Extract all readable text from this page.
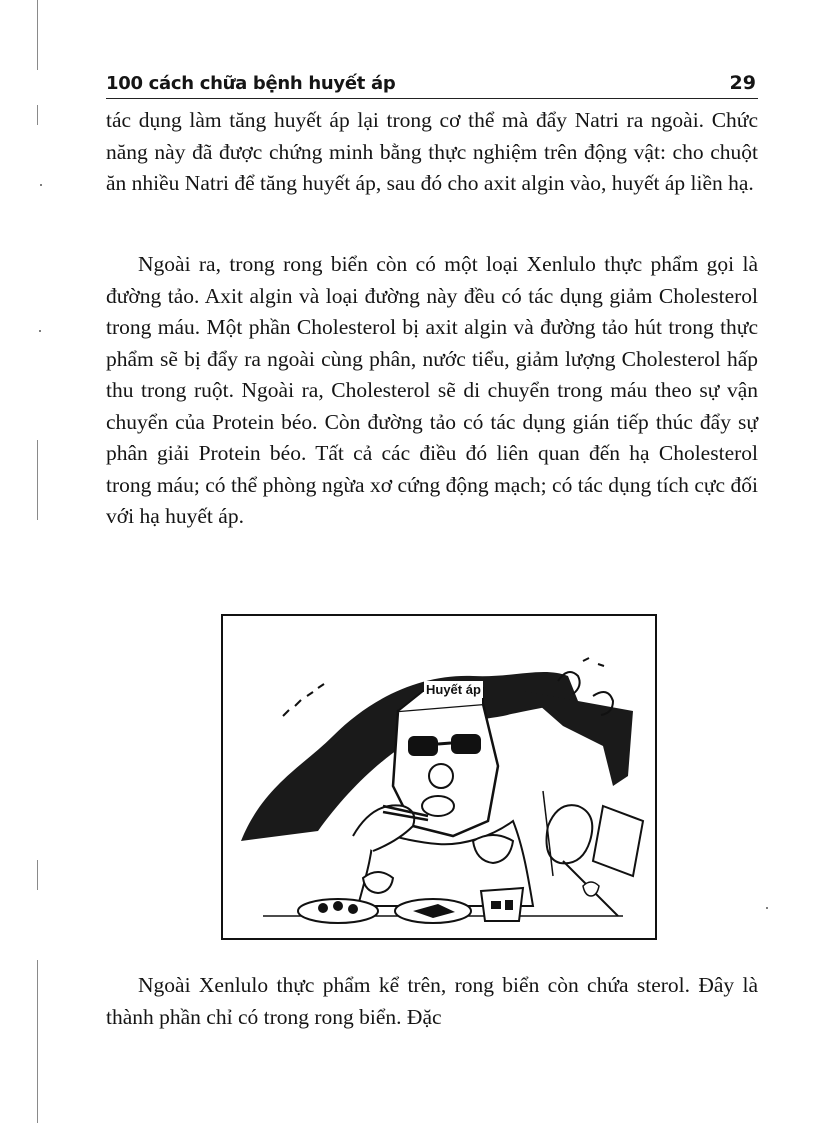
100 cách chữa bệnh huyết áp	29

tác dụng làm tăng huyết áp lại trong cơ thể mà đẩy Natri ra ngoài. Chức năng này đã được chứng minh bằng thực nghiệm trên động vật: cho chuột ăn nhiều Natri để tăng huyết áp, sau đó cho axit algin vào, huyết áp liền hạ.

Ngoài ra, trong rong biển còn có một loại Xenlulo thực phẩm gọi là đường tảo. Axit algin và loại đường này đều có tác dụng giảm Cholesterol trong máu. Một phần Cholesterol bị axit algin và đường tảo hút trong thực phẩm sẽ bị đẩy ra ngoài cùng phân, nước tiểu, giảm lượng Cholesterol hấp thu trong ruột. Ngoài ra, Cholesterol sẽ di chuyển trong máu theo sự vận chuyển của Protein béo. Còn đường tảo có tác dụng gián tiếp thúc đẩy sự phân giải Protein béo. Tất cả các điều đó liên quan đến hạ Cholesterol trong máu; có thể phòng ngừa xơ cứng động mạch; có tác dụng tích cực đối với hạ huyết áp.

Huyết áp

Ngoài Xenlulo thực phẩm kể trên, rong biển còn chứa sterol. Đây là thành phần chỉ có trong rong biển. Đặc
